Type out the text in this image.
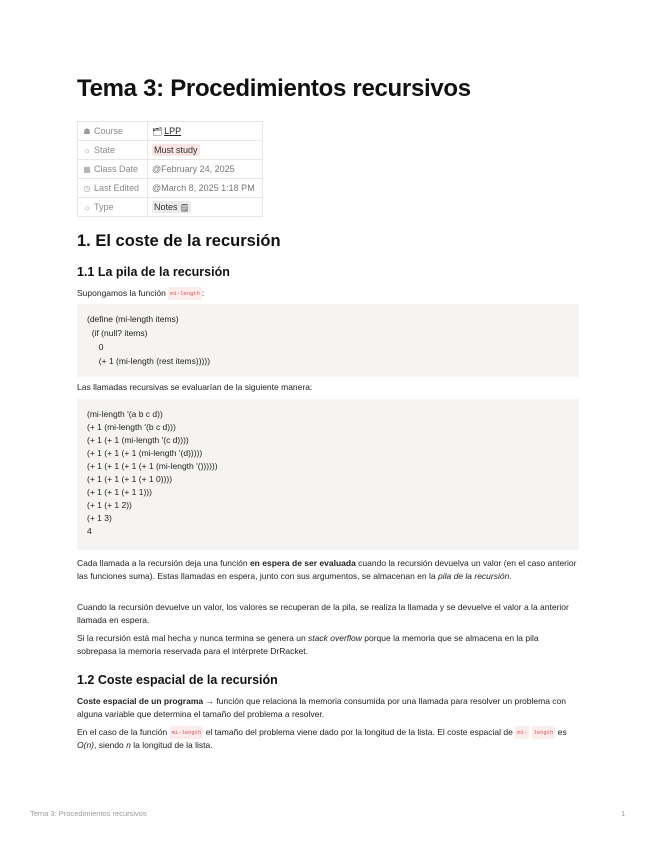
Tema 3: Procedimientos recursivos
☗ Course	🗂 LPP
☼ State	Must study
▦ Class Date	@February 24, 2025
◷ Last Edited	@March 8, 2025 1:18 PM
☼ Type	Notes 🗒
1. El coste de la recursión
1.1 La pila de la recursión

Supongamos la función mi-length :

(define (mi-length items)
(if (null? items)
0
(+ 1 (mi-length (rest items)))))

Las llamadas recursivas se evaluarían de la siguiente manera:

(mi-length '(a b c d))
(+ 1 (mi-length '(b c d)))
(+ 1 (+ 1 (mi-length '(c d))))
(+ 1 (+ 1 (+ 1 (mi-length '(d)))))
(+ 1 (+ 1 (+ 1 (+ 1 (mi-length '())))))
(+ 1 (+ 1 (+ 1 (+ 1 0))))
(+ 1 (+ 1 (+ 1 1)))
(+ 1 (+ 1 2))
(+ 1 3)
4

Cada llamada a la recursión deja una función en espera de ser evaluada cuando la recursión devuelva un valor (en el caso anterior las funciones suma). Estas llamadas en espera, junto con sus argumentos, se almacenan en la pila de la recursión.

Cuando la recursión devuelve un valor, los valores se recuperan de la pila, se realiza la llamada y se devuelve el valor a la anterior llamada en espera.

Si la recursión está mal hecha y nunca termina se genera un stack overflow porque la memoria que se almacena en la pila sobrepasa la memoria reservada para el intérprete DrRacket.

1.2 Coste espacial de la recursión

Coste espacial de un programa → función que relaciona la memoria consumida por una llamada para resolver un problema con alguna variable que determina el tamaño del problema a resolver.

En el caso de la función mi-length el tamaño del problema viene dado por la longitud de la lista. El coste espacial de mi- length es O(n), siendo n la longitud de la lista.

Tema 3: Procedimientos recursivos	1
